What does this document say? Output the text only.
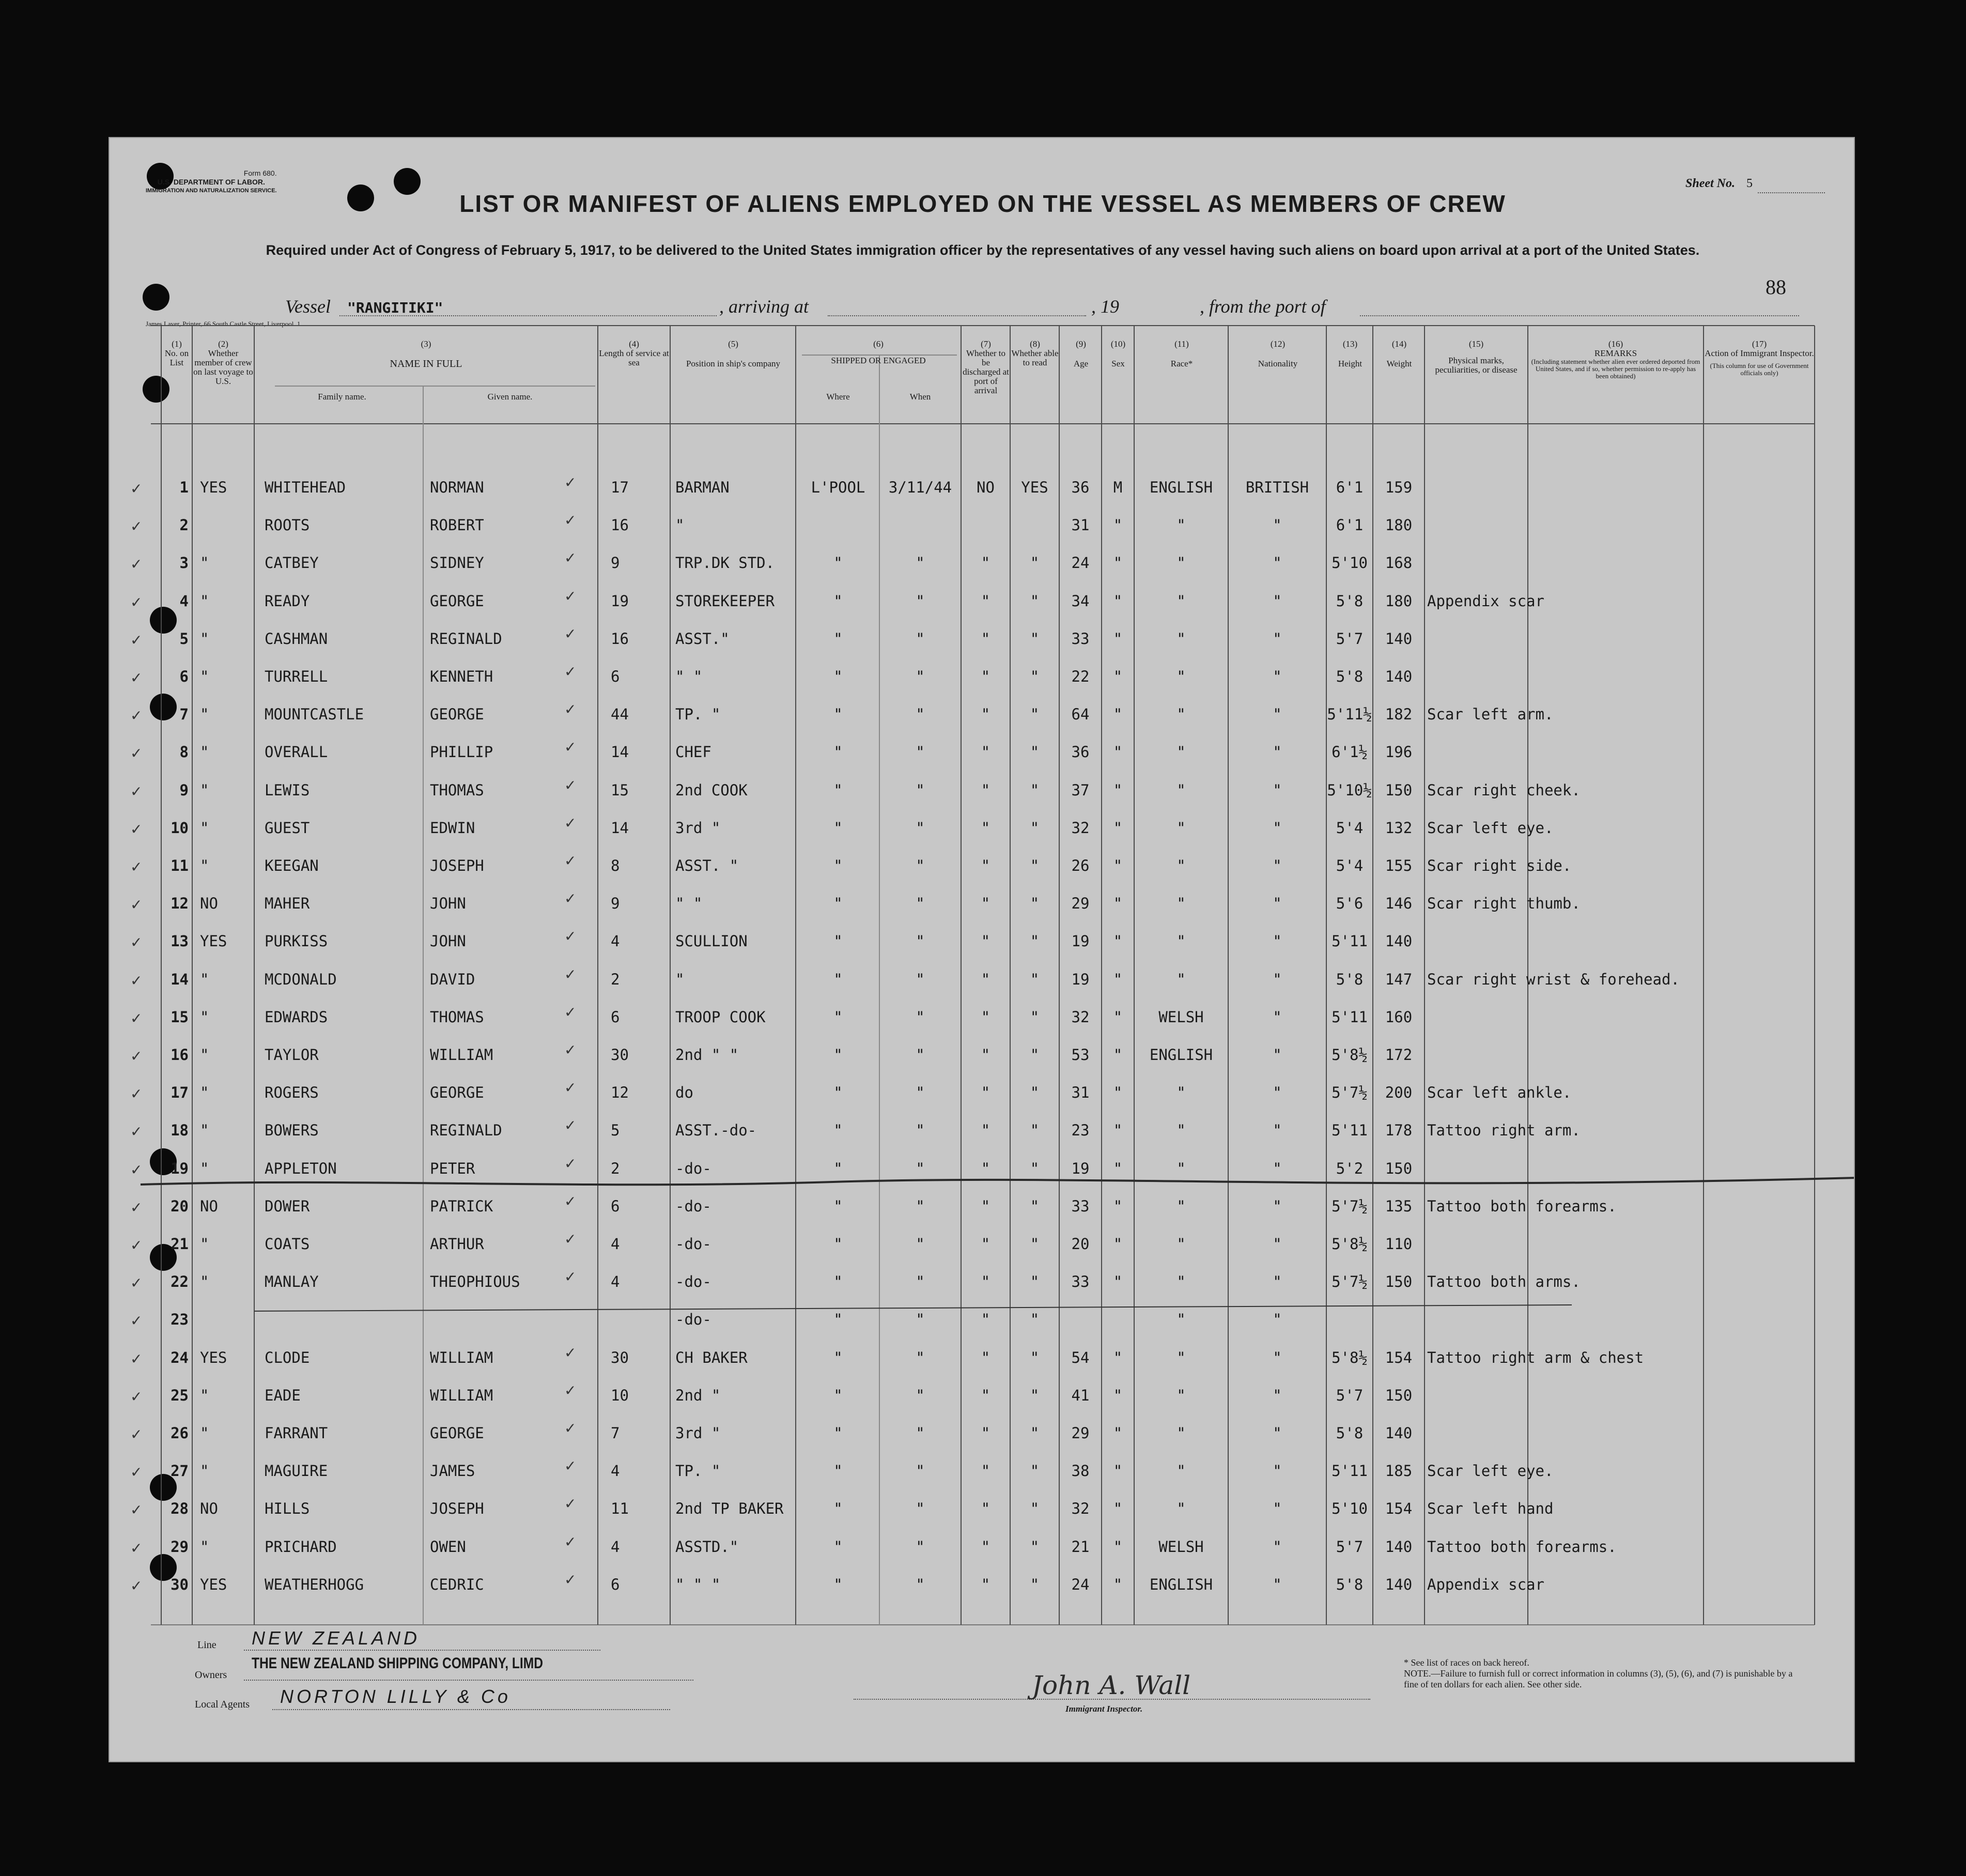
Form 680.
U.S. DEPARTMENT OF LABOR.
IMMIGRATION AND NATURALIZATION SERVICE.	LIST OR MANIFEST OF ALIENS EMPLOYED ON THE VESSEL AS MEMBERS OF CREW
Required under Act of Congress of February 5, 1917, to be delivered to the United States immigration officer by the representatives of any vessel having such aliens on board upon arrival at a port of the United States.
Sheet No. 5
88
Vessel "RANGITIKI"	, arriving at	, 19	, from the port of
James Laver, Printer, 66 South Castle Street, Liverpool. 1.
(1)
No. on List
(2)
Whether member of crew on last voyage to U.S.
(3)
NAME IN FULL
Family name.	Given name.
(4)
Length of service at sea
(5)
Position in ship's company
(6)
SHIPPED OR ENGAGED
Where	When
(7)
Whether to be discharged at port of arrival
(8)
Whether able to read
(9)
Age
(10)
Sex
(11)
Race*
(12)
Nationality
(13)
Height
(14)
Weight
(15)
Physical marks, peculiarities, or disease
(16)
REMARKS
(Including statement whether alien ever ordered deported from United States, and if so, whether permission to re-apply has been obtained)
(17)
Action of Immigrant Inspector.
(This column for use of Government officials only)
1 YES	WHITEHEAD	NORMAN	17	BARMAN	L'POOL	3/11/44	NO	YES	36	M	ENGLISH	BRITISH	6'1	159
✓	✓
2	ROOTS	ROBERT	16	"	31	"	"	"	6'1	180
✓	✓
3 "	CATBEY	SIDNEY	9	TRP.DK STD.	"	"	"	"	24	"	"	"	5'10	168
✓	✓
4 "	READY	GEORGE	19	STOREKEEPER	"	"	"	"	34	"	"	"	5'8	180 Appendix scar
✓	✓
5 "	CASHMAN	REGINALD	16	ASST."	"	"	"	"	33	"	"	"	5'7	140
✓	✓
6 "	TURRELL	KENNETH	6	" "	"	"	"	"	22	"	"	"	5'8	140
✓	✓
7 "	MOUNTCASTLE	GEORGE	44	TP. "	"	"	"	"	64	"	"	"	5'11½ 182 Scar left arm.
✓	✓
8 "	OVERALL	PHILLIP	14	CHEF	"	"	"	"	36	"	"	"	6'1½	196
✓	✓
9 "	LEWIS	THOMAS	15	2nd COOK	"	"	"	"	37	"	"	"	5'10½ 150 Scar right cheek.
✓	✓
10 "	GUEST	EDWIN	14	3rd "	"	"	"	"	32	"	"	"	5'4	132 Scar left eye.
✓	✓
11 "	KEEGAN	JOSEPH	8	ASST. "	"	"	"	"	26	"	"	"	5'4	155 Scar right side.
✓	✓
12 NO	MAHER	JOHN	9	" "	"	"	"	"	29	"	"	"	5'6	146 Scar right thumb.
✓	✓
13 YES	PURKISS	JOHN	4	SCULLION	"	"	"	"	19	"	"	"	5'11	140
✓	✓
14 "	MCDONALD	DAVID	2	"	"	"	"	"	19	"	"	"	5'8	147 Scar right wrist & forehead.
✓	✓
15 "	EDWARDS	THOMAS	6	TROOP COOK	"	"	"	"	32	"	WELSH	"	5'11	160
✓	✓
16 "	TAYLOR	WILLIAM	30	2nd " "	"	"	"	"	53	"	ENGLISH	"	5'8½	172
✓	✓
17 "	ROGERS	GEORGE	12	do	"	"	"	"	31	"	"	"	5'7½	200 Scar left ankle.
✓	✓
18 "	BOWERS	REGINALD	5	ASST.-do-	"	"	"	"	23	"	"	"	5'11	178 Tattoo right arm.
✓	✓
19 "	APPLETON	PETER	2	-do-	"	"	"	"	19	"	"	"	5'2	150
✓	✓
20 NO	DOWER	PATRICK	6	-do-	"	"	"	"	33	"	"	"	5'7½	135 Tattoo both forearms.
✓	✓
21 "	COATS	ARTHUR	4	-do-	"	"	"	"	20	"	"	"	5'8½	110
✓	✓
22 "	MANLAY	THEOPHIOUS	4	-do-	"	"	"	"	33	"	"	"	5'7½	150 Tattoo both arms.
✓	✓
23	-do-	"	"	"	"	"	"
✓
24 YES	CLODE	WILLIAM	30	CH BAKER	"	"	"	"	54	"	"	"	5'8½	154 Tattoo right arm & chest
✓	✓
25 "	EADE	WILLIAM	10	2nd "	"	"	"	"	41	"	"	"	5'7	150
✓	✓
26 "	FARRANT	GEORGE	7	3rd "	"	"	"	"	29	"	"	"	5'8	140
✓	✓
27 "	MAGUIRE	JAMES	4	TP. "	"	"	"	"	38	"	"	"	5'11	185 Scar left eye.
✓	✓
28 NO	HILLS	JOSEPH	11	2nd TP BAKER	"	"	"	"	32	"	"	"	5'10	154 Scar left hand
✓	✓
29 "	PRICHARD	OWEN	4	ASSTD."	"	"	"	"	21	"	WELSH	"	5'7	140 Tattoo both forearms.
✓	✓
30 YES	WEATHERHOGG	CEDRIC	6	" " "	"	"	"	"	24	"	ENGLISH	"	5'8	140 Appendix scar
✓	✓
Line NEW ZEALAND
Owners
THE NEW ZEALAND SHIPPING COMPANY, LIMD
Local Agents NORTON LILLY & Co	John A. Wall
Immigrant Inspector.
* See list of races on back hereof.
NOTE.—Failure to furnish full or correct information in columns (3), (5), (6), and (7) is punishable by a fine of ten dollars for each alien. See other side.
